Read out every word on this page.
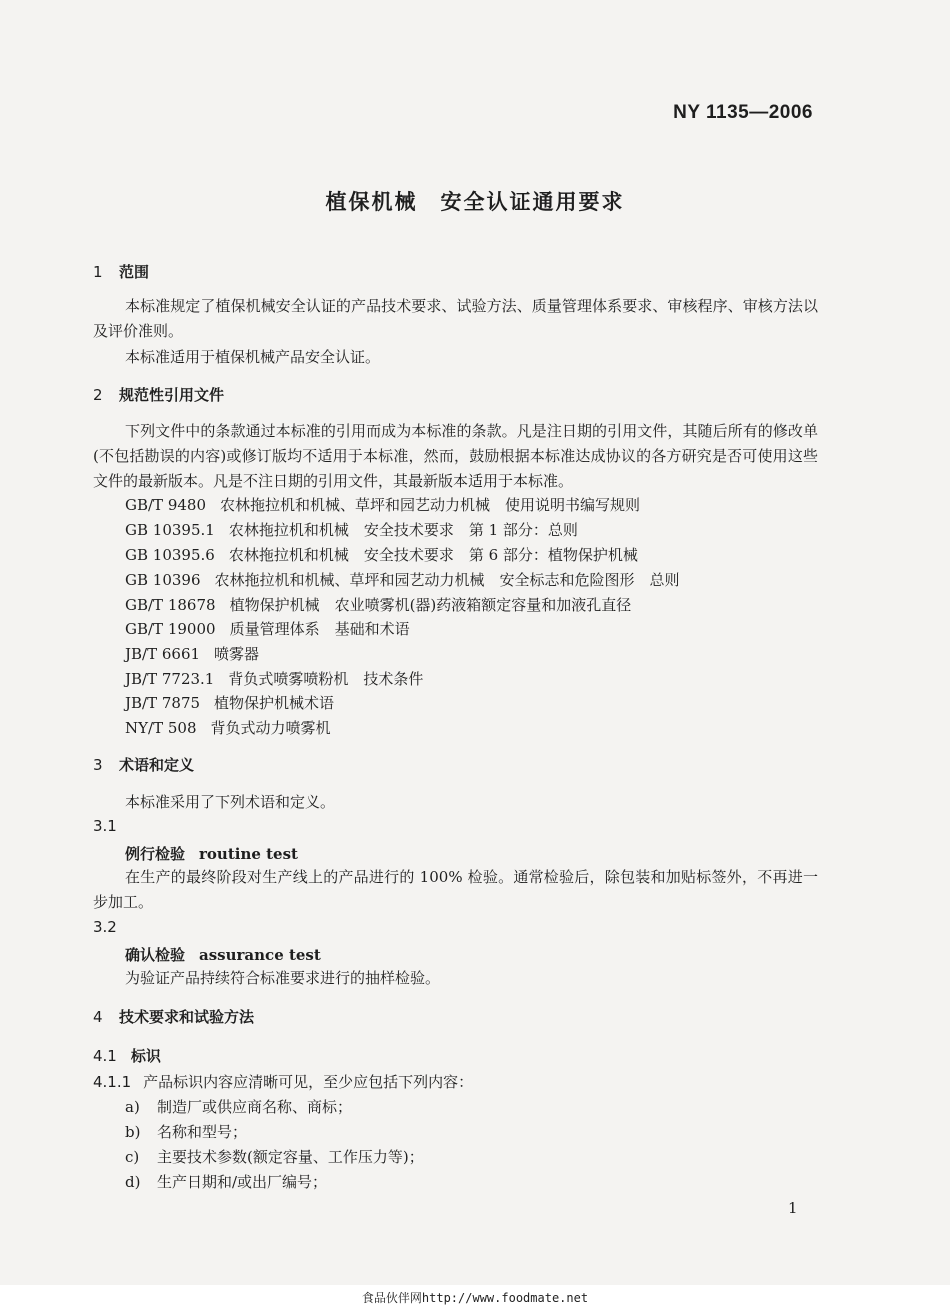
NY 1135—2006
植保机械　安全认证通用要求
1 范围
本标准规定了植保机械安全认证的产品技术要求、试验方法、质量管理体系要求、审核程序、审核方法以及评价准则。
本标准适用于植保机械产品安全认证。
2 规范性引用文件
下列文件中的条款通过本标准的引用而成为本标准的条款。凡是注日期的引用文件，其随后所有的修改单(不包括勘误的内容)或修订版均不适用于本标准，然而，鼓励根据本标准达成协议的各方研究是否可使用这些文件的最新版本。凡是不注日期的引用文件，其最新版本适用于本标准。
GB/T 9480 农林拖拉机和机械、草坪和园艺动力机械　使用说明书编写规则
GB 10395.1 农林拖拉机和机械　安全技术要求　第 1 部分：总则
GB 10395.6 农林拖拉机和机械　安全技术要求　第 6 部分：植物保护机械
GB 10396 农林拖拉机和机械、草坪和园艺动力机械　安全标志和危险图形　总则
GB/T 18678 植物保护机械　农业喷雾机(器)药液箱额定容量和加液孔直径
GB/T 19000 质量管理体系　基础和术语
JB/T 6661 喷雾器
JB/T 7723.1 背负式喷雾喷粉机　技术条件
JB/T 7875 植物保护机械术语
NY/T 508 背负式动力喷雾机
3 术语和定义
本标准采用了下列术语和定义。
3.1
例行检验 routine test
在生产的最终阶段对生产线上的产品进行的 100% 检验。通常检验后，除包装和加贴标签外，不再进一步加工。
3.2
确认检验 assurance test
为验证产品持续符合标准要求进行的抽样检验。
4 技术要求和试验方法
4.1 标识
4.1.1 产品标识内容应清晰可见，至少应包括下列内容：
a) 制造厂或供应商名称、商标；
b) 名称和型号；
c) 主要技术参数(额定容量、工作压力等)；
d) 生产日期和/或出厂编号；
1
食品伙伴网http://www.foodmate.net
